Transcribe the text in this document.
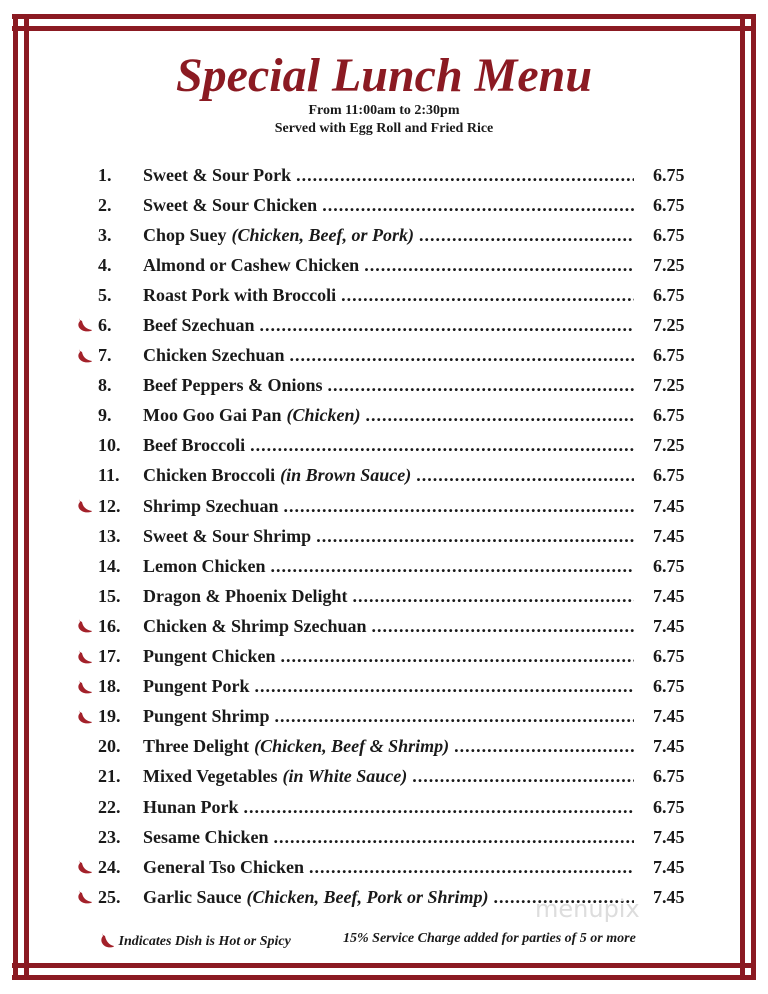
Special Lunch Menu
From 11:00am to 2:30pm
Served with Egg Roll and Fried Rice
1. Sweet & Sour Pork .....	6.75
2. Sweet & Sour Chicken .....	6.75
3. Chop Suey (Chicken, Beef, or Pork) .....	6.75
4. Almond or Cashew Chicken .....	7.25
5. Roast Pork with Broccoli .....	6.75
6. Beef Szechuan .....	7.25
7. Chicken Szechuan .....	6.75
8. Beef Peppers & Onions .....	7.25
9. Moo Goo Gai Pan (Chicken) .....	6.75
10. Beef Broccoli .....	7.25
11. Chicken Broccoli (in Brown Sauce) .....	6.75
12. Shrimp Szechuan .....	7.45
13. Sweet & Sour Shrimp .....	7.45
14. Lemon Chicken .....	6.75
15. Dragon & Phoenix Delight .....	7.45
16. Chicken & Shrimp Szechuan .....	7.45
17. Pungent Chicken .....	6.75
18. Pungent Pork .....	6.75
19. Pungent Shrimp .....	7.45
20. Three Delight (Chicken, Beef & Shrimp) .....	7.45
21. Mixed Vegetables (in White Sauce) .....	6.75
22. Hunan Pork .....	6.75
23. Sesame Chicken .....	7.45
24. General Tso Chicken .....	7.45
25. Garlic Sauce (Chicken, Beef, Pork or Shrimp) .....	7.45
Indicates Dish is Hot or Spicy	15% Service Charge added for parties of 5 or more
menupix
